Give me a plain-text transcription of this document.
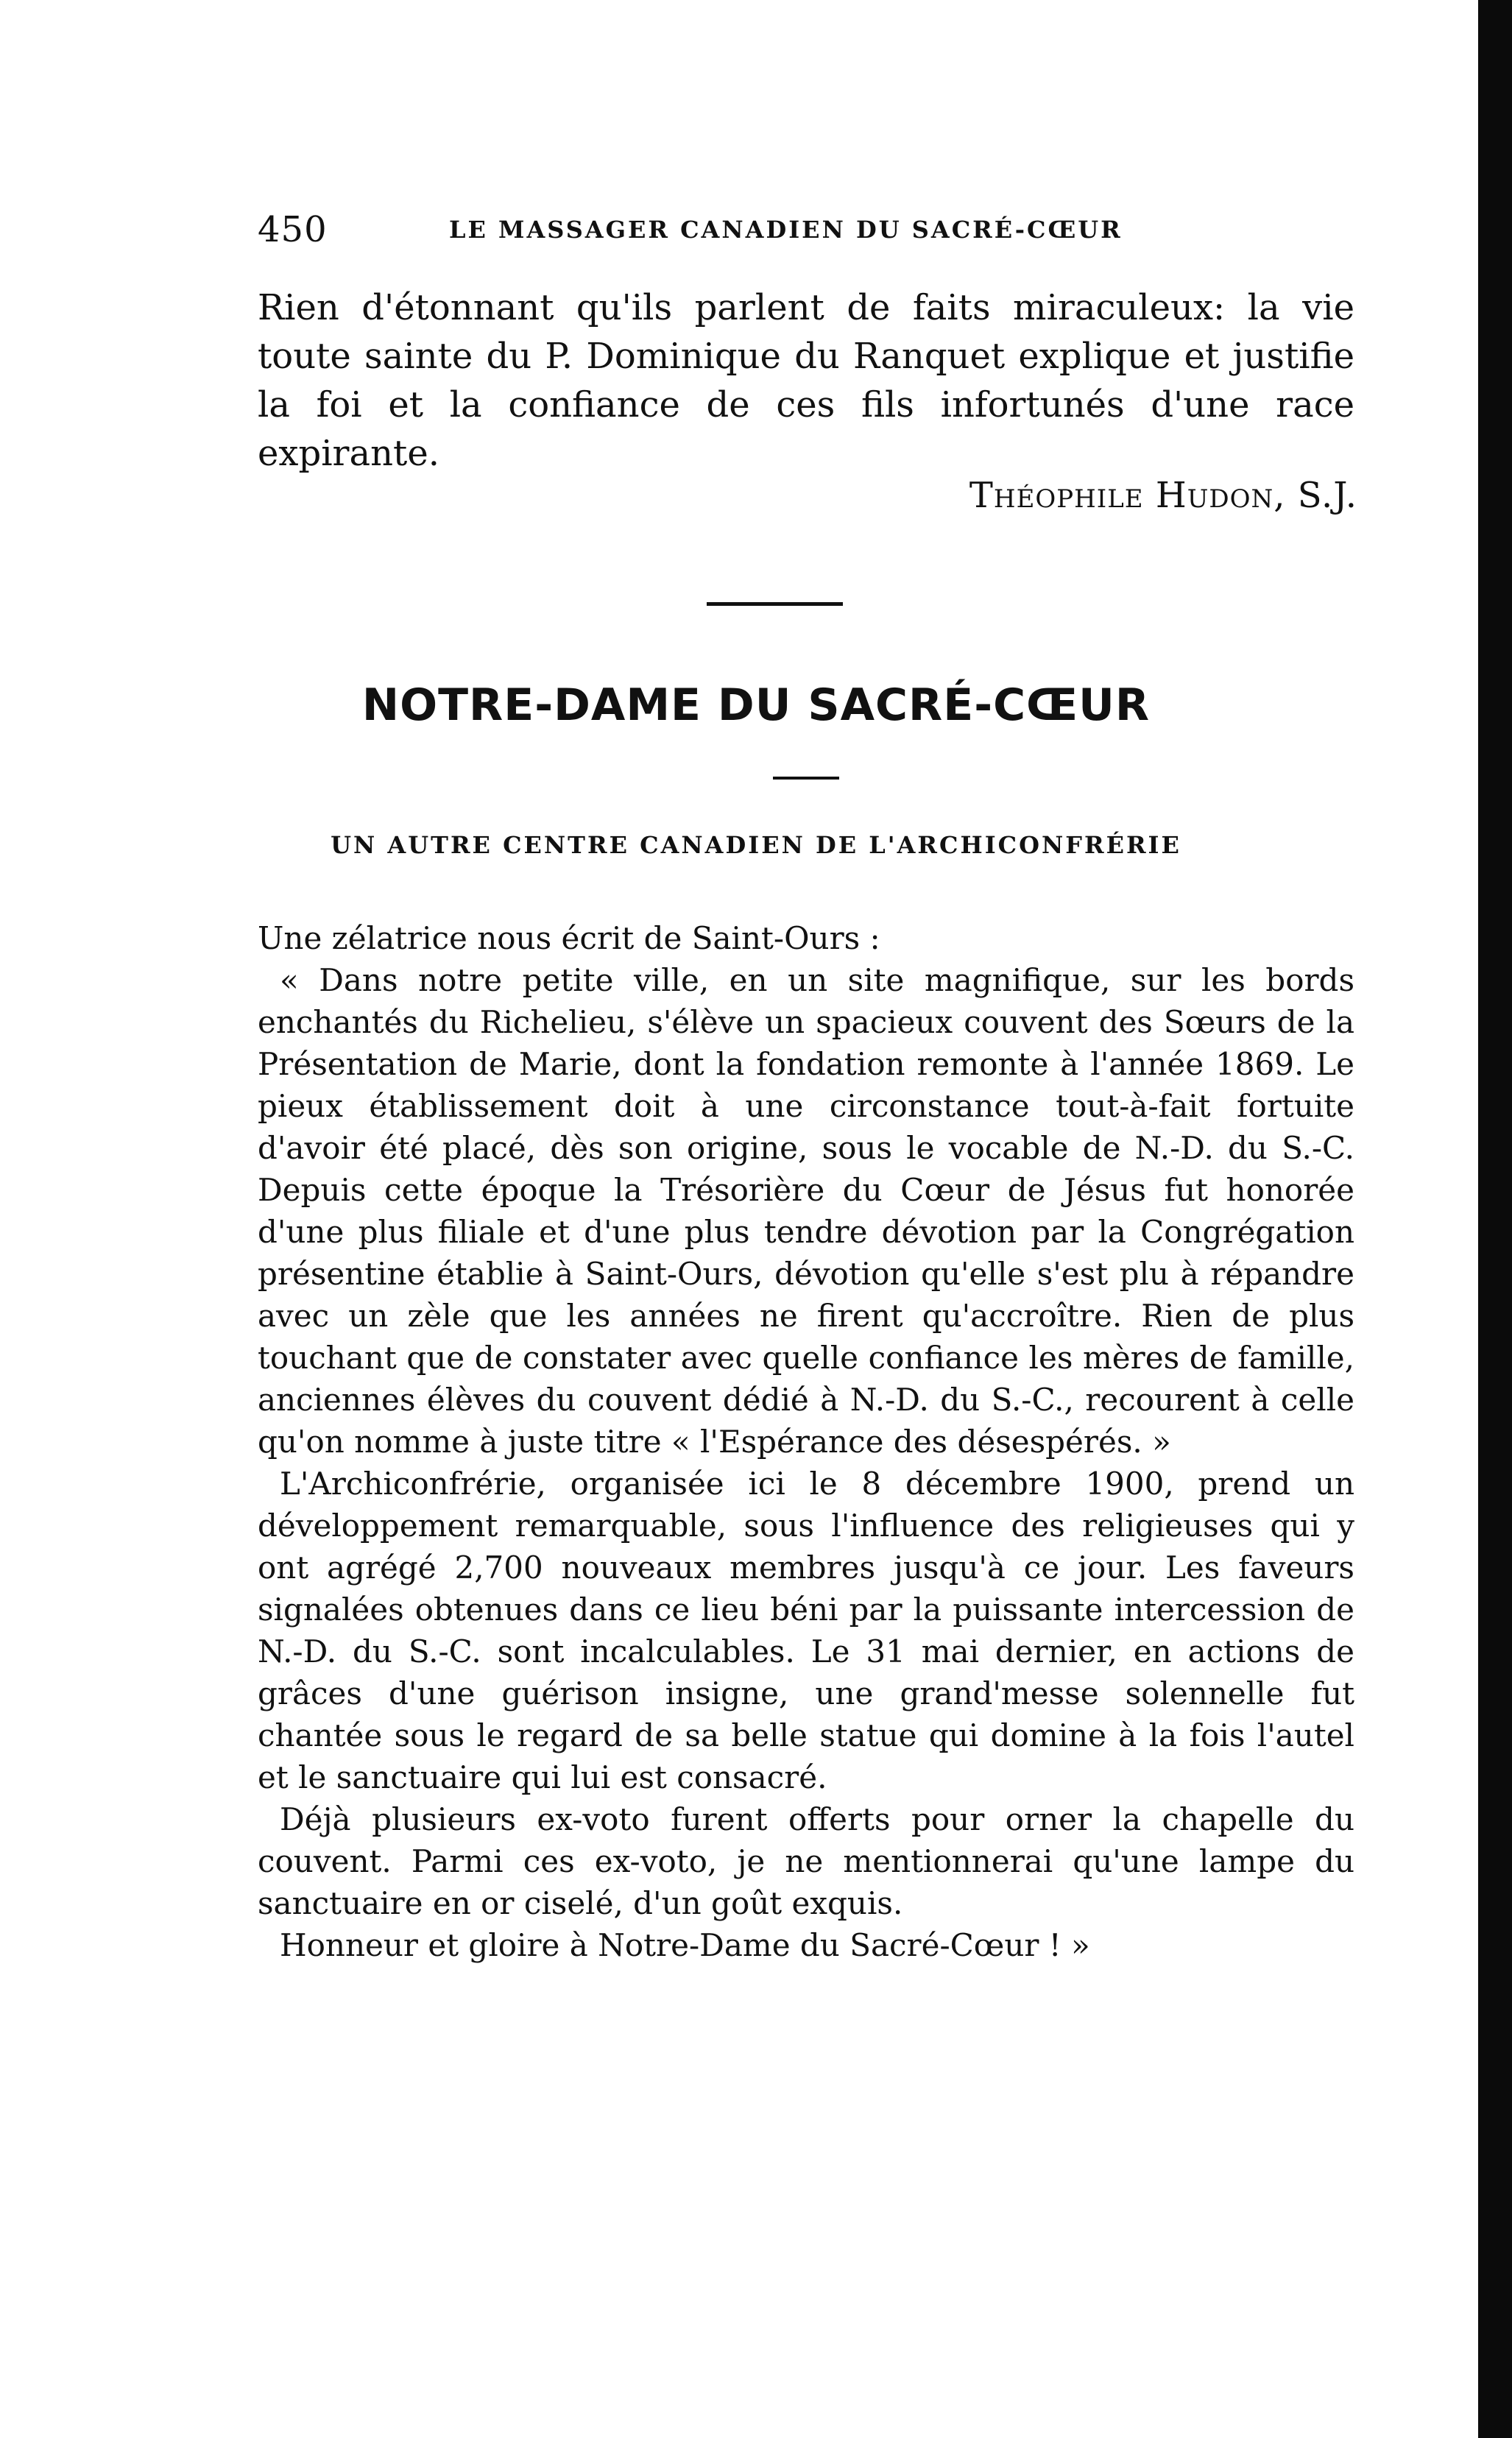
450	LE MASSAGER CANADIEN DU SACRÉ-CŒUR
Rien d'étonnant qu'ils parlent de faits miraculeux: la vie toute sainte du P. Dominique du Ranquet explique et justifie la foi et la confiance de ces fils infortunés d'une race expirante.
Théophile Hudon, S.J.
NOTRE-DAME DU SACRÉ-CŒUR
UN AUTRE CENTRE CANADIEN DE L'ARCHICONFRÉRIE

Une zélatrice nous écrit de Saint-Ours :

« Dans notre petite ville, en un site magnifique, sur les bords enchantés du Richelieu, s'élève un spacieux couvent des Sœurs de la Présentation de Marie, dont la fondation remonte à l'année 1869. Le pieux établissement doit à une circonstance tout-à-fait fortuite d'avoir été placé, dès son origine, sous le vocable de N.-D. du S.-C. Depuis cette époque la Trésorière du Cœur de Jésus fut honorée d'une plus filiale et d'une plus tendre dévotion par la Congrégation présentine établie à Saint-Ours, dévotion qu'elle s'est plu à répandre avec un zèle que les années ne firent qu'accroître. Rien de plus touchant que de constater avec quelle confiance les mères de famille, anciennes élèves du couvent dédié à N.-D. du S.-C., recourent à celle qu'on nomme à juste titre « l'Espérance des désespérés. »

L'Archiconfrérie, organisée ici le 8 décembre 1900, prend un développement remarquable, sous l'influence des religieuses qui y ont agrégé 2,700 nouveaux membres jusqu'à ce jour. Les faveurs signalées obtenues dans ce lieu béni par la puissante intercession de N.-D. du S.-C. sont incalculables. Le 31 mai dernier, en actions de grâces d'une guérison insigne, une grand'messe solennelle fut chantée sous le regard de sa belle statue qui domine à la fois l'autel et le sanctuaire qui lui est consacré.

Déjà plusieurs ex-voto furent offerts pour orner la chapelle du couvent. Parmi ces ex-voto, je ne mentionnerai qu'une lampe du sanctuaire en or ciselé, d'un goût exquis.

Honneur et gloire à Notre-Dame du Sacré-Cœur ! »
